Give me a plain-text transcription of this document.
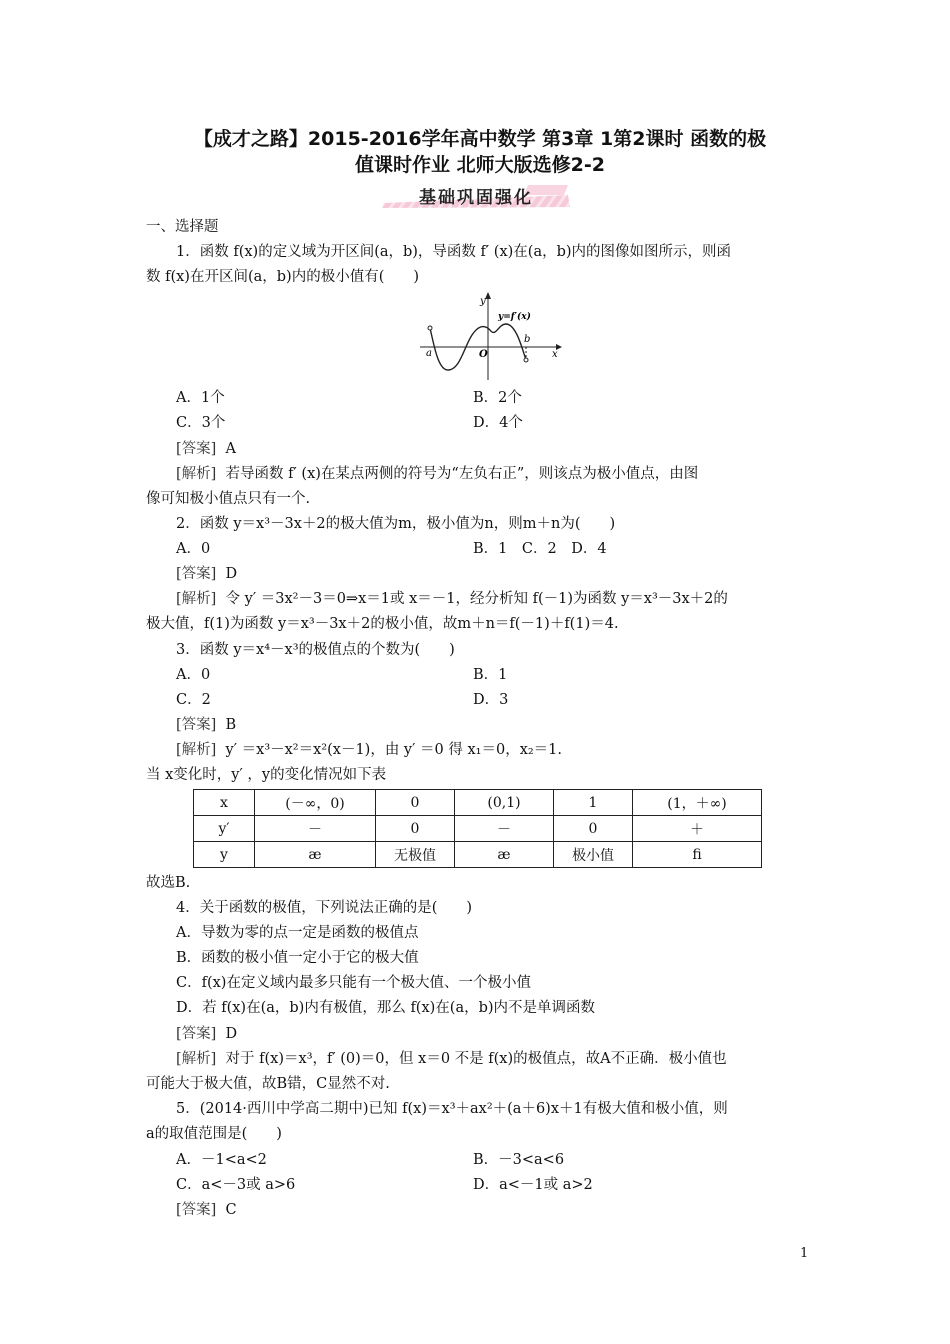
【成才之路】2015-2016学年高中数学 第3章 1第2课时 函数的极
值课时作业 北师大版选修2-2
基础巩固强化
一、选择题
1．函数 f(x)的定义域为开区间(a，b)，导函数 f′ (x)在(a，b)内的图像如图所示，则函
数 f(x)在开区间(a，b)内的极小值有(　　)
y
y=f′(x)
a
b
O	x
A．1个	B．2个
C．3个	D．4个
[答案] A
[解析] 若导函数 f′ (x)在某点两侧的符号为“左负右正”，则该点为极小值点，由图
像可知极小值点只有一个.
2．函数 y＝x³－3x＋2的极大值为m，极小值为n，则m＋n为(　　)
A．0	B．1　C．2　D．4
[答案] D
[解析] 令 y′ ＝3x²－3＝0⇒x＝1或 x＝－1，经分析知 f(－1)为函数 y＝x³－3x＋2的
极大值，f(1)为函数 y＝x³－3x＋2的极小值，故m＋n＝f(－1)＋f(1)＝4.
3．函数 y＝x⁴－x³的极值点的个数为(　　)
A．0	B．1
C．2	D．3
[答案] B
[解析] y′ ＝x³－x²＝x²(x－1)，由 y′ ＝0 得 x₁＝0，x₂＝1.
当 x变化时，y′ ，y的变化情况如下表
x	(－∞，0)	0	(0,1)	1	(1，＋∞)
y′	－	0	－	0	＋
y	æ	无极值	æ	极小值	ﬁ
故选B.
4．关于函数的极值，下列说法正确的是(　　)
A．导数为零的点一定是函数的极值点
B．函数的极小值一定小于它的极大值
C．f(x)在定义域内最多只能有一个极大值、一个极小值
D．若 f(x)在(a，b)内有极值，那么 f(x)在(a，b)内不是单调函数
[答案] D
[解析] 对于 f(x)＝x³，f′ (0)＝0，但 x＝0 不是 f(x)的极值点，故A不正确．极小值也
可能大于极大值，故B错，C显然不对.
5．(2014·西川中学高二期中)已知 f(x)＝x³＋ax²＋(a＋6)x＋1有极大值和极小值，则
a的取值范围是(　　)
A．－1<a<2	B．－3<a<6
C．a<－3或 a>6	D．a<－1或 a>2
[答案] C
1
